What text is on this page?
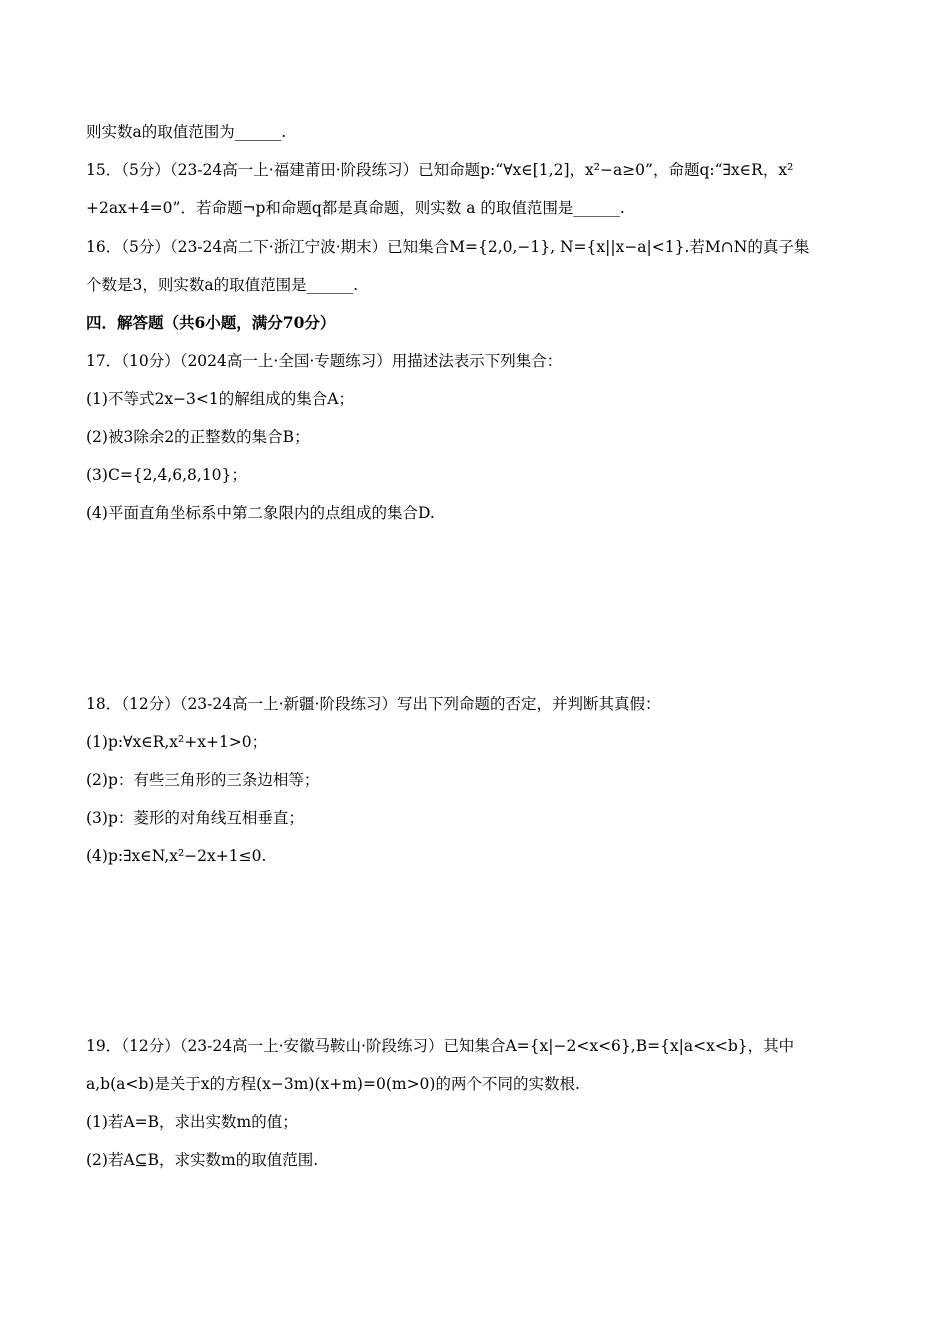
则实数a的取值范围为______.
15．（5分）（23-24高一上·福建莆田·阶段练习）已知命题p:“∀x∈[1,2]，x²−a≥0”，命题q:“∃x∈R，x²
+2ax+4=0”．若命题¬p和命题q都是真命题，则实数 a 的取值范围是______.
16．（5分）（23-24高二下·浙江宁波·期末）已知集合M={2,0,−1}, N={x||x−a|<1}.若M∩N的真子集
个数是3，则实数a的取值范围是______.
四．解答题（共6小题，满分70分）
17．（10分）（2024高一上·全国·专题练习）用描述法表示下列集合：
(1)不等式2x−3<1的解组成的集合A；
(2)被3除余2的正整数的集合B；
(3)C={2,4,6,8,10}；
(4)平面直角坐标系中第二象限内的点组成的集合D.
18．（12分）（23-24高一上·新疆·阶段练习）写出下列命题的否定，并判断其真假：
(1)p:∀x∈R,x²+x+1>0；
(2)p：有些三角形的三条边相等；
(3)p：菱形的对角线互相垂直；
(4)p:∃x∈N,x²−2x+1≤0.
19．（12分）（23-24高一上·安徽马鞍山·阶段练习）已知集合A={x|−2<x<6},B={x|a<x<b}，其中
a,b(a<b)是关于x的方程(x−3m)(x+m)=0(m>0)的两个不同的实数根.
(1)若A=B，求出实数m的值；
(2)若A⊆B，求实数m的取值范围.
